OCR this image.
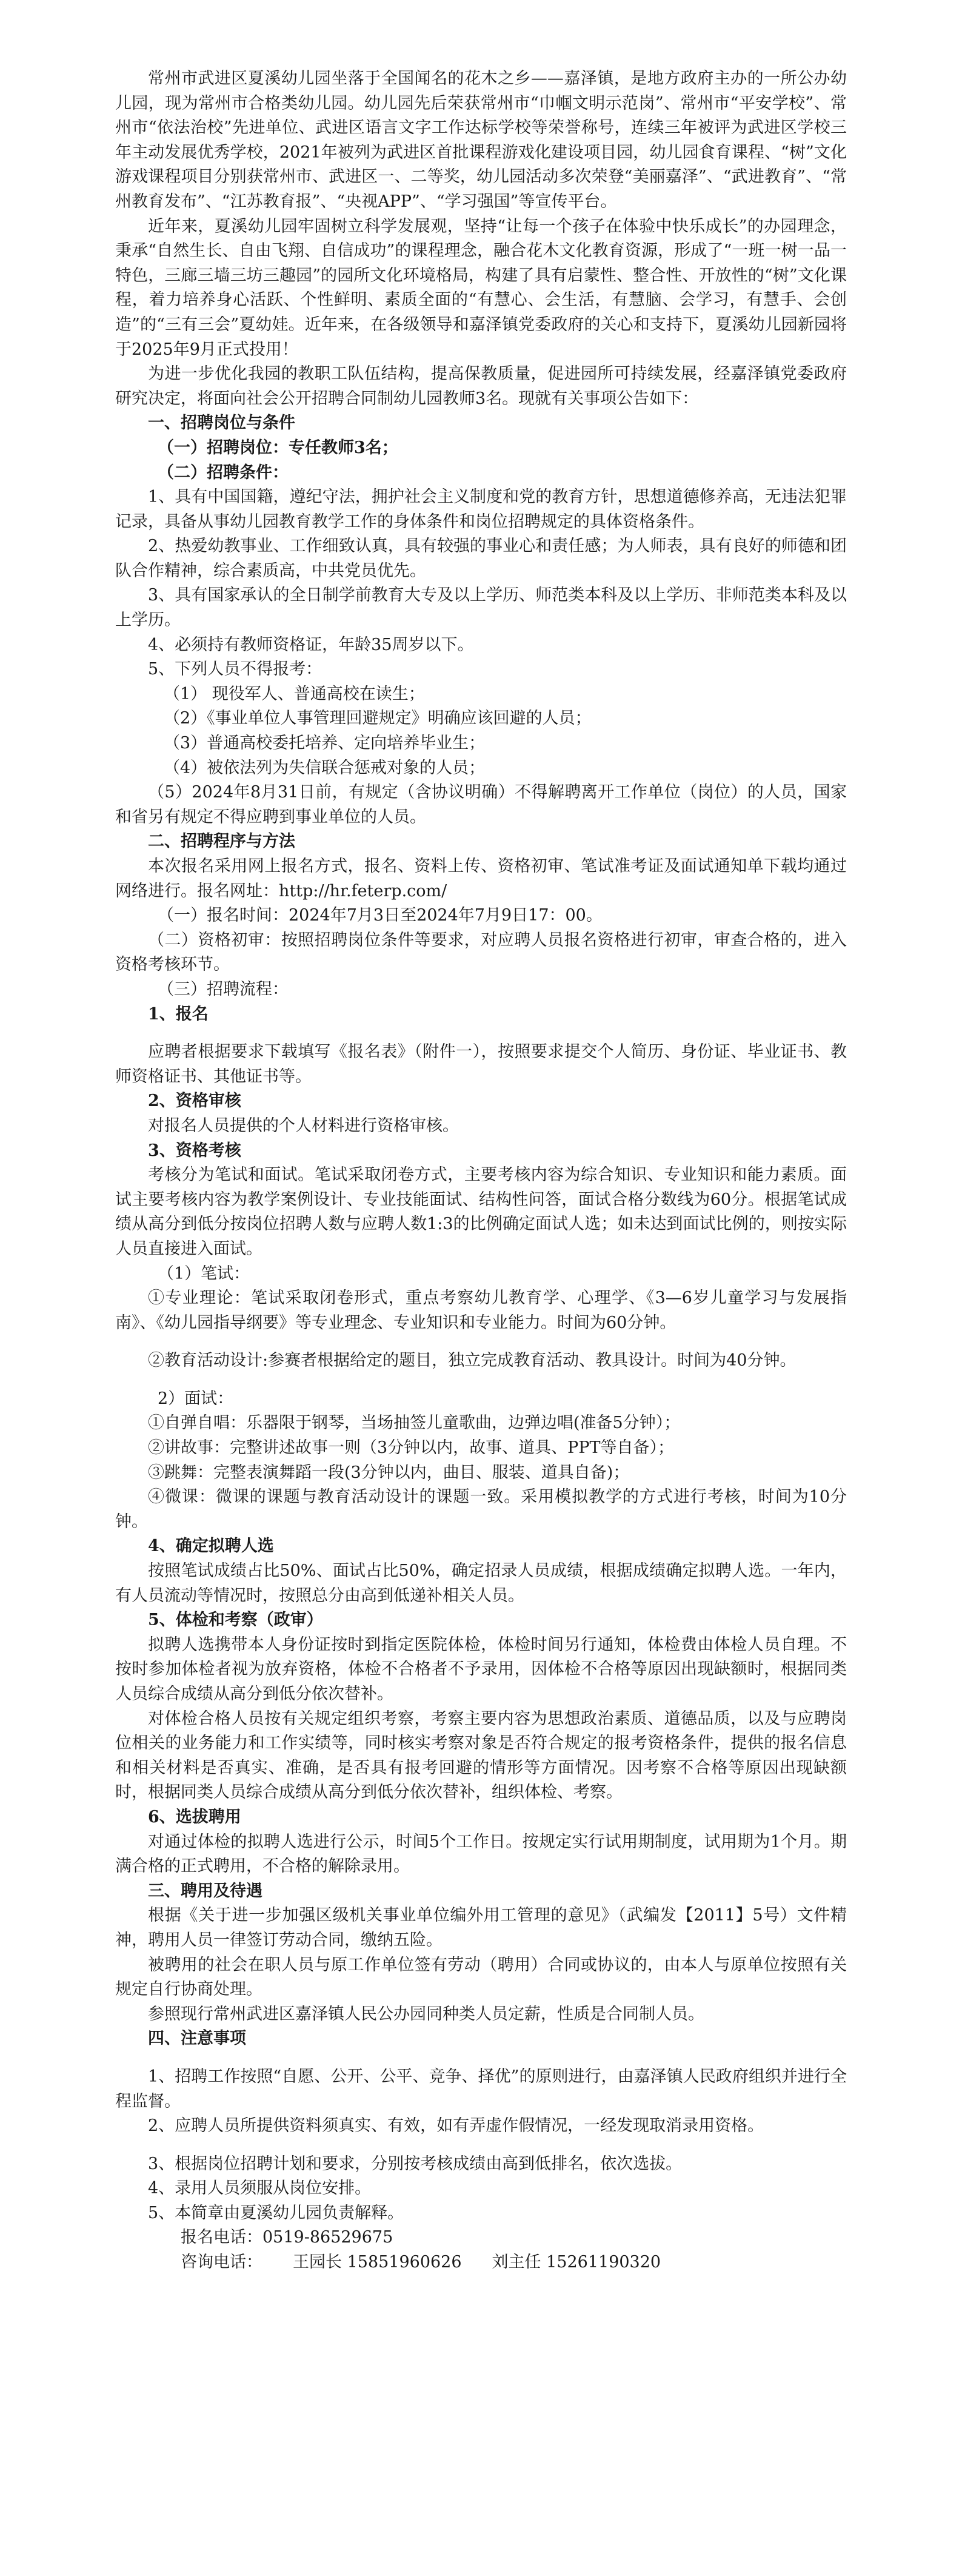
常州市武进区夏溪幼儿园坐落于全国闻名的花木之乡——嘉泽镇，是地方政府主办的一所公办幼儿园，现为常州市合格类幼儿园。幼儿园先后荣获常州市“巾帼文明示范岗”、常州市“平安学校”、常州市“依法治校”先进单位、武进区语言文字工作达标学校等荣誉称号，连续三年被评为武进区学校三年主动发展优秀学校，2021年被列为武进区首批课程游戏化建设项目园，幼儿园食育课程、“树”文化游戏课程项目分别获常州市、武进区一、二等奖，幼儿园活动多次荣登“美丽嘉泽”、“武进教育”、“常州教育发布”、“江苏教育报”、“央视APP”、“学习强国”等宣传平台。

近年来，夏溪幼儿园牢固树立科学发展观，坚持“让每一个孩子在体验中快乐成长”的办园理念，秉承“自然生长、自由飞翔、自信成功”的课程理念，融合花木文化教育资源，形成了“一班一树一品一特色，三廊三墙三坊三趣园”的园所文化环境格局，构建了具有启蒙性、整合性、开放性的“树”文化课程，着力培养身心活跃、个性鲜明、素质全面的“有慧心、会生活，有慧脑、会学习，有慧手、会创造”的“三有三会”夏幼娃。近年来，在各级领导和嘉泽镇党委政府的关心和支持下，夏溪幼儿园新园将于2025年9月正式投用！

为进一步优化我园的教职工队伍结构，提高保教质量，促进园所可持续发展，经嘉泽镇党委政府研究决定，将面向社会公开招聘合同制幼儿园教师3名。现就有关事项公告如下：

一、招聘岗位与条件

（一）招聘岗位：专任教师3名；

（二）招聘条件：

1、具有中国国籍，遵纪守法，拥护社会主义制度和党的教育方针，思想道德修养高，无违法犯罪记录，具备从事幼儿园教育教学工作的身体条件和岗位招聘规定的具体资格条件。

2、热爱幼教事业、工作细致认真，具有较强的事业心和责任感；为人师表，具有良好的师德和团队合作精神，综合素质高，中共党员优先。

3、具有国家承认的全日制学前教育大专及以上学历、师范类本科及以上学历、非师范类本科及以上学历。

4、必须持有教师资格证，年龄35周岁以下。

5、下列人员不得报考：

（1） 现役军人、普通高校在读生；

（2）《事业单位人事管理回避规定》明确应该回避的人员；

（3）普通高校委托培养、定向培养毕业生；

（4）被依法列为失信联合惩戒对象的人员；

（5）2024年8月31日前，有规定（含协议明确）不得解聘离开工作单位（岗位）的人员，国家和省另有规定不得应聘到事业单位的人员。

二、招聘程序与方法

本次报名采用网上报名方式，报名、资料上传、资格初审、笔试准考证及面试通知单下载均通过网络进行。报名网址：http://hr.feterp.com/

（一）报名时间：2024年7月3日至2024年7月9日17：00。

（二）资格初审：按照招聘岗位条件等要求，对应聘人员报名资格进行初审，审查合格的，进入资格考核环节。

（三）招聘流程：

1、报名

应聘者根据要求下载填写《报名表》（附件一），按照要求提交个人简历、身份证、毕业证书、教师资格证书、其他证书等。

2、资格审核

对报名人员提供的个人材料进行资格审核。

3、资格考核

考核分为笔试和面试。笔试采取闭卷方式，主要考核内容为综合知识、专业知识和能力素质。面试主要考核内容为教学案例设计、专业技能面试、结构性问答，面试合格分数线为60分。根据笔试成绩从高分到低分按岗位招聘人数与应聘人数1:3的比例确定面试人选；如未达到面试比例的，则按实际人员直接进入面试。

（1）笔试：

①专业理论：笔试采取闭卷形式，重点考察幼儿教育学、心理学、《3—6岁儿童学习与发展指南》、《幼儿园指导纲要》等专业理念、专业知识和专业能力。时间为60分钟。

②教育活动设计:参赛者根据给定的题目，独立完成教育活动、教具设计。时间为40分钟。

2）面试：

①自弹自唱：乐器限于钢琴，当场抽签儿童歌曲，边弹边唱(准备5分钟）；

②讲故事：完整讲述故事一则（3分钟以内，故事、道具、PPT等自备）；

③跳舞：完整表演舞蹈一段(3分钟以内，曲目、服装、道具自备)；

④微课：微课的课题与教育活动设计的课题一致。采用模拟教学的方式进行考核，时间为10分钟。

4、确定拟聘人选

按照笔试成绩占比50%、面试占比50%，确定招录人员成绩，根据成绩确定拟聘人选。一年内，有人员流动等情况时，按照总分由高到低递补相关人员。

5、体检和考察（政审）

拟聘人选携带本人身份证按时到指定医院体检，体检时间另行通知，体检费由体检人员自理。不按时参加体检者视为放弃资格，体检不合格者不予录用，因体检不合格等原因出现缺额时，根据同类人员综合成绩从高分到低分依次替补。

对体检合格人员按有关规定组织考察，考察主要内容为思想政治素质、道德品质，以及与应聘岗位相关的业务能力和工作实绩等，同时核实考察对象是否符合规定的报考资格条件，提供的报名信息和相关材料是否真实、准确，是否具有报考回避的情形等方面情况。因考察不合格等原因出现缺额时，根据同类人员综合成绩从高分到低分依次替补，组织体检、考察。

6、选拔聘用

对通过体检的拟聘人选进行公示，时间5个工作日。按规定实行试用期制度，试用期为1个月。期满合格的正式聘用，不合格的解除录用。

三、聘用及待遇

根据《关于进一步加强区级机关事业单位编外用工管理的意见》（武编发【2011】5号）文件精神，聘用人员一律签订劳动合同，缴纳五险。

被聘用的社会在职人员与原工作单位签有劳动（聘用）合同或协议的，由本人与原单位按照有关规定自行协商处理。

参照现行常州武进区嘉泽镇人民公办园同种类人员定薪，性质是合同制人员。

四、注意事项

1、招聘工作按照“自愿、公开、公平、竞争、择优”的原则进行，由嘉泽镇人民政府组织并进行全程监督。

2、应聘人员所提供资料须真实、有效，如有弄虚作假情况，一经发现取消录用资格。

3、根据岗位招聘计划和要求，分别按考核成绩由高到低排名，依次选拔。

4、录用人员须服从岗位安排。

5、本简章由夏溪幼儿园负责解释。

报名电话：0519-86529675

咨询电话： 王园长 15851960626 刘主任 15261190320
